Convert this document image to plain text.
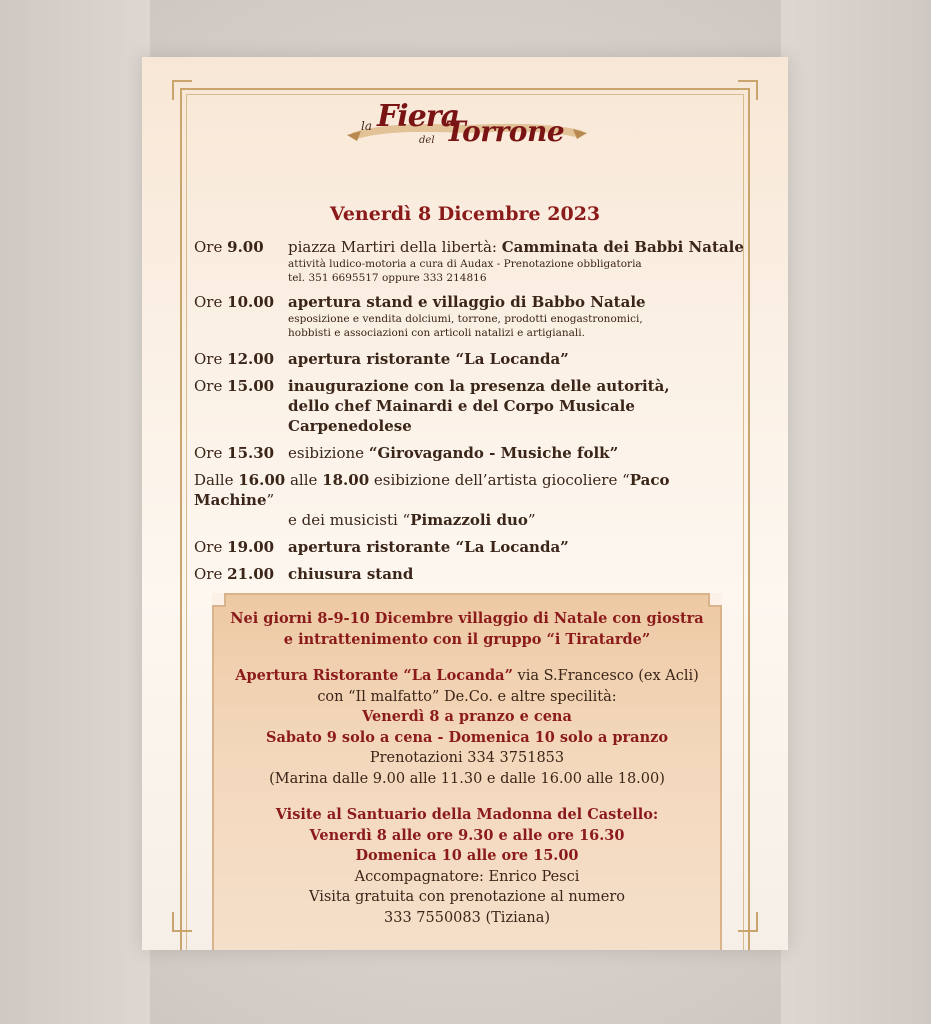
la Fiera
del Torrone
Venerdì 8 Dicembre 2023
Ore 9.00 piazza Martiri della libertà: Camminata dei Babbi Natale
attività ludico-motoria a cura di Audax - Prenotazione obbligatoria
tel. 351 6695517 oppure 333 214816
Ore 10.00 apertura stand e villaggio di Babbo Natale
esposizione e vendita dolciumi, torrone, prodotti enogastronomici,
hobbisti e associazioni con articoli natalizi e artigianali.
Ore 12.00 apertura ristorante “La Locanda”
Ore 15.00 inaugurazione con la presenza delle autorità,
dello chef Mainardi e del Corpo Musicale Carpenedolese
Ore 15.30 esibizione “Girovagando - Musiche folk”
Dalle 16.00 alle 18.00 esibizione dell’artista giocoliere “Paco Machine”
e dei musicisti “Pimazzoli duo”
Ore 19.00 apertura ristorante “La Locanda”
Ore 21.00 chiusura stand
Nei giorni 8-9-10 Dicembre villaggio di Natale con giostra
e intrattenimento con il gruppo “i Tiratarde”
Apertura Ristorante “La Locanda” via S.Francesco (ex Acli)
con “Il malfatto” De.Co. e altre specilità:
Venerdì 8 a pranzo e cena
Sabato 9 solo a cena - Domenica 10 solo a pranzo
Prenotazioni 334 3751853
(Marina dalle 9.00 alle 11.30 e dalle 16.00 alle 18.00)
Visite al Santuario della Madonna del Castello:
Venerdì 8 alle ore 9.30 e alle ore 16.30
Domenica 10 alle ore 15.00
Accompagnatore: Enrico Pesci
Visita gratuita con prenotazione al numero
333 7550083 (Tiziana)
